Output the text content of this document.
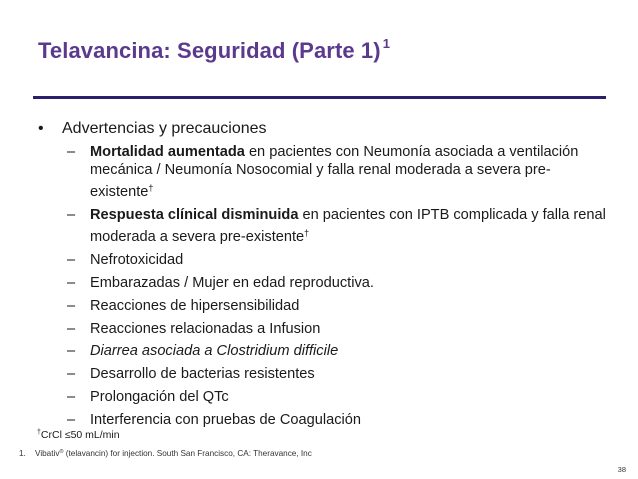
Telavancina: Seguridad (Parte 1) $^1$
• Advertencias y precauciones
– Mortalidad aumentada en pacientes con Neumonía asociada a ventilación mecánica / Neumonía Nosocomial y falla renal moderada a severa pre-existente†
– Respuesta clínical disminuida en pacientes con IPTB complicada y falla renal moderada a severa pre-existente†
– Nefrotoxicidad
– Embarazadas / Mujer en edad reproductiva.
– Reacciones de hipersensibilidad
– Reacciones relacionadas a Infusion
– Diarrea asociada a Clostridium difficile
– Desarrollo de bacterias resistentes
– Prolongación del QTc
– Interferencia con pruebas de Coagulación
†CrCl ≤50 mL/min
1. Vibativ® (telavancin) for injection. South San Francisco, CA: Theravance, Inc
38
